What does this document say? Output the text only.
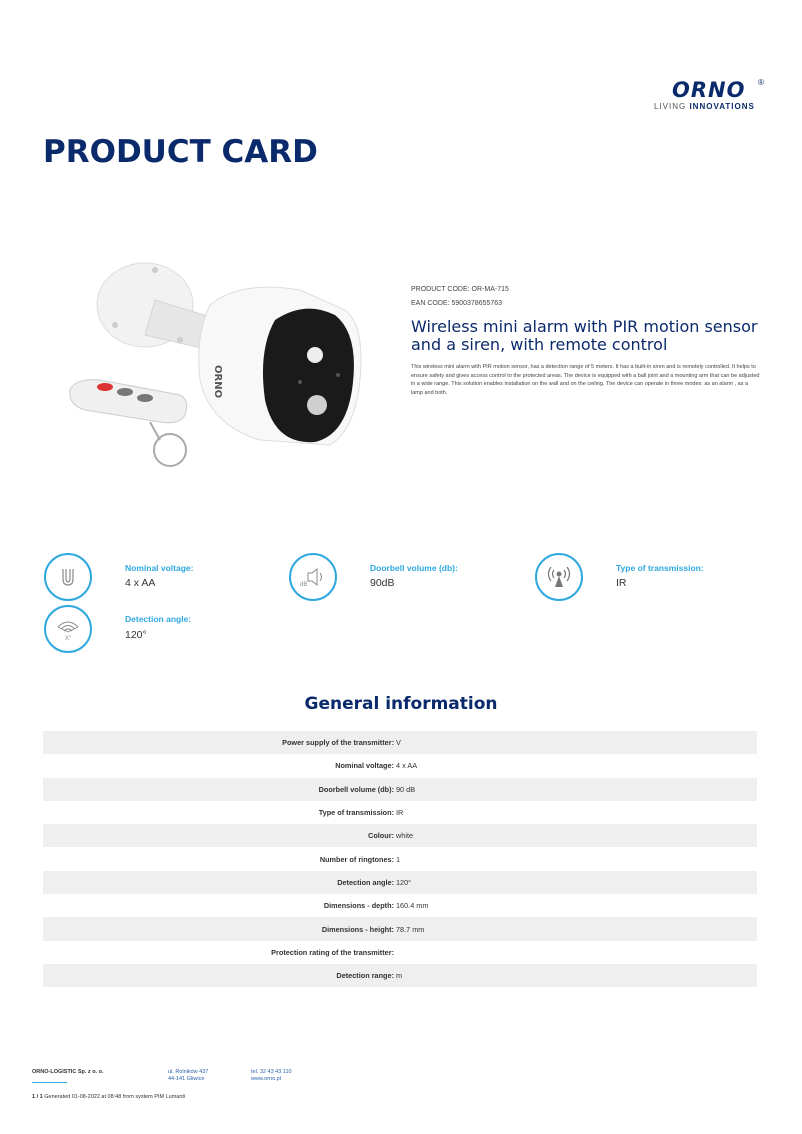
ORNO ®
LIVING INNOVATIONS
PRODUCT CARD
ORNO
PRODUCT CODE: OR-MA-715
EAN CODE: 5900378655763
Wireless mini alarm with PIR motion sensor and a siren, with remote control
This wireless mini alarm with PIR motion sensor, has a detection range of 5 meters. It has a built-in siren and is remotely controlled. It helps to ensure safety and gives access control to the protected areas. The device is equipped with a ball joint and a mounting arm that can be adjusted in a wide range. This solution enables installation on the wall and on the ceiling. The device can operate in three modes: as an alarm , as a lamp and both.
Nominal voltage:
4 x AA	dB
Doorbell volume (db):
90dB
Type of transmission:
IR
X°
Detection angle:
120°
General information
Power supply of the transmitter: V
Nominal voltage: 4 x AA
Doorbell volume (db): 90 dB
Type of transmission: IR
Colour: white
Number of ringtones: 1
Detection angle: 120°
Dimensions - depth: 160.4 mm
Dimensions - height: 78.7 mm
Protection rating of the transmitter:
Detection range: m
ORNO-LOGISTIC Sp. z o. o.	ul. Rolników 437
44-141 Gliwice
tel. 32 43 43 110
www.orno.pl
1 / 1 Generated 01-08-2022 at 08:48 from system PIM Lumanti
